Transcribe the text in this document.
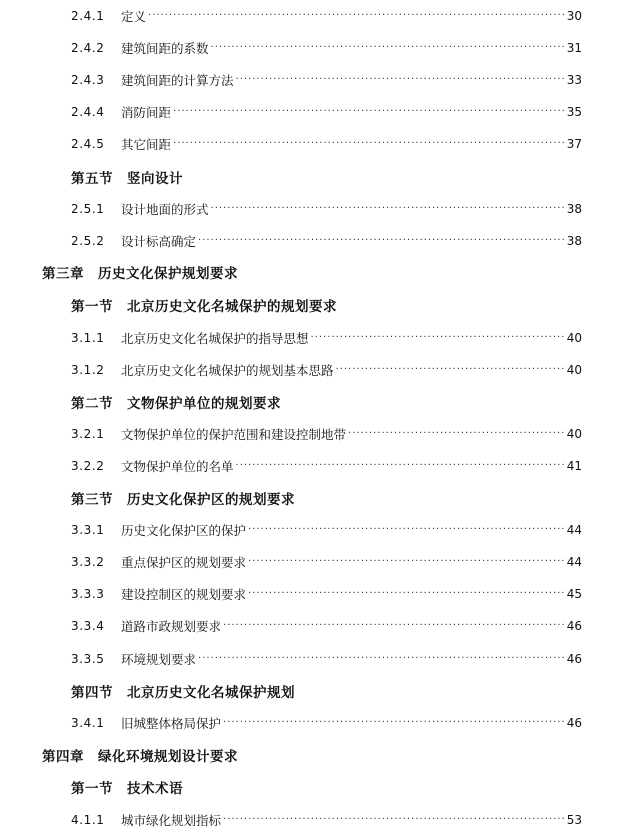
2.4.1	定义 ·····	30
2.4.2	建筑间距的系数 ·····	31
2.4.3	建筑间距的计算方法 ·····	33
2.4.4	消防间距 ·····	35
2.4.5	其它间距 ·····	37
第五节　竖向设计
2.5.1	设计地面的形式 ·····	38
2.5.2	设计标高确定 ·····	38
第三章　历史文化保护规划要求
第一节　北京历史文化名城保护的规划要求
3.1.1	北京历史文化名城保护的指导思想 ·····	40
3.1.2	北京历史文化名城保护的规划基本思路 ·····	40
第二节　文物保护单位的规划要求
3.2.1	文物保护单位的保护范围和建设控制地带 ·····	40
3.2.2	文物保护单位的名单 ·····	41
第三节　历史文化保护区的规划要求
3.3.1	历史文化保护区的保护 ·····	44
3.3.2	重点保护区的规划要求 ·····	44
3.3.3	建设控制区的规划要求 ·····	45
3.3.4	道路市政规划要求 ·····	46
3.3.5	环境规划要求 ·····	46
第四节　北京历史文化名城保护规划
3.4.1	旧城整体格局保护 ·····	46
第四章　绿化环境规划设计要求
第一节　技术术语
4.1.1	城市绿化规划指标 ·····	53
